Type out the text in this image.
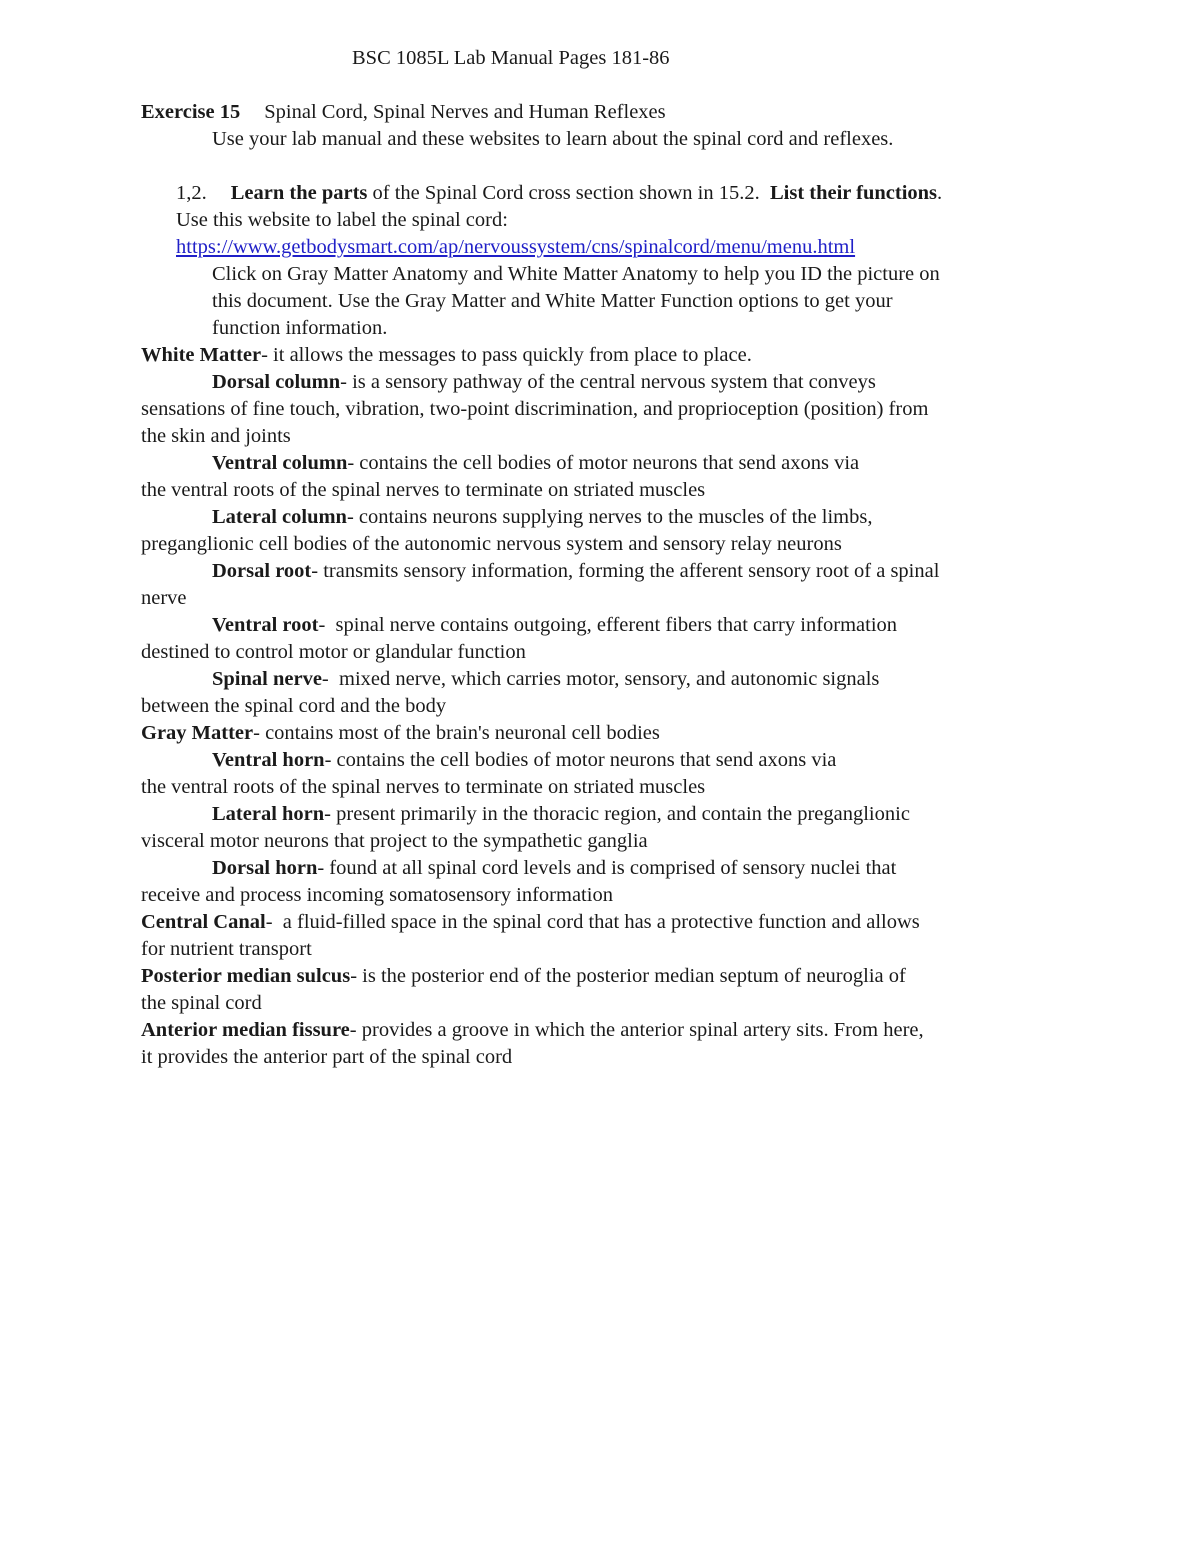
BSC 1085L Lab Manual Pages 181-86
Exercise 15 Spinal Cord, Spinal Nerves and Human Reflexes
Use your lab manual and these websites to learn about the spinal cord and reflexes.
1,2. Learn the parts of the Spinal Cord cross section shown in 15.2.  List their functions.
Use this website to label the spinal cord:
https://www.getbodysmart.com/ap/nervoussystem/cns/spinalcord/menu/menu.html
Click on Gray Matter Anatomy and White Matter Anatomy to help you ID the picture on
this document. Use the Gray Matter and White Matter Function options to get your
function information.
White Matter- it allows the messages to pass quickly from place to place.
Dorsal column- is a sensory pathway of the central nervous system that conveys
sensations of fine touch, vibration, two-point discrimination, and proprioception (position) from
the skin and joints
Ventral column- contains the cell bodies of motor neurons that send axons via
the ventral roots of the spinal nerves to terminate on striated muscles
Lateral column- contains neurons supplying nerves to the muscles of the limbs,
preganglionic cell bodies of the autonomic nervous system and sensory relay neurons
Dorsal root- transmits sensory information, forming the afferent sensory root of a spinal
nerve
Ventral root-  spinal nerve contains outgoing, efferent fibers that carry information
destined to control motor or glandular function
Spinal nerve-  mixed nerve, which carries motor, sensory, and autonomic signals
between the spinal cord and the body
Gray Matter- contains most of the brain's neuronal cell bodies
Ventral horn- contains the cell bodies of motor neurons that send axons via
the ventral roots of the spinal nerves to terminate on striated muscles
Lateral horn- present primarily in the thoracic region, and contain the preganglionic
visceral motor neurons that project to the sympathetic ganglia
Dorsal horn- found at all spinal cord levels and is comprised of sensory nuclei that
receive and process incoming somatosensory information
Central Canal-  a fluid-filled space in the spinal cord that has a protective function and allows
for nutrient transport
Posterior median sulcus- is the posterior end of the posterior median septum of neuroglia of
the spinal cord
Anterior median fissure- provides a groove in which the anterior spinal artery sits. From here,
it provides the anterior part of the spinal cord
